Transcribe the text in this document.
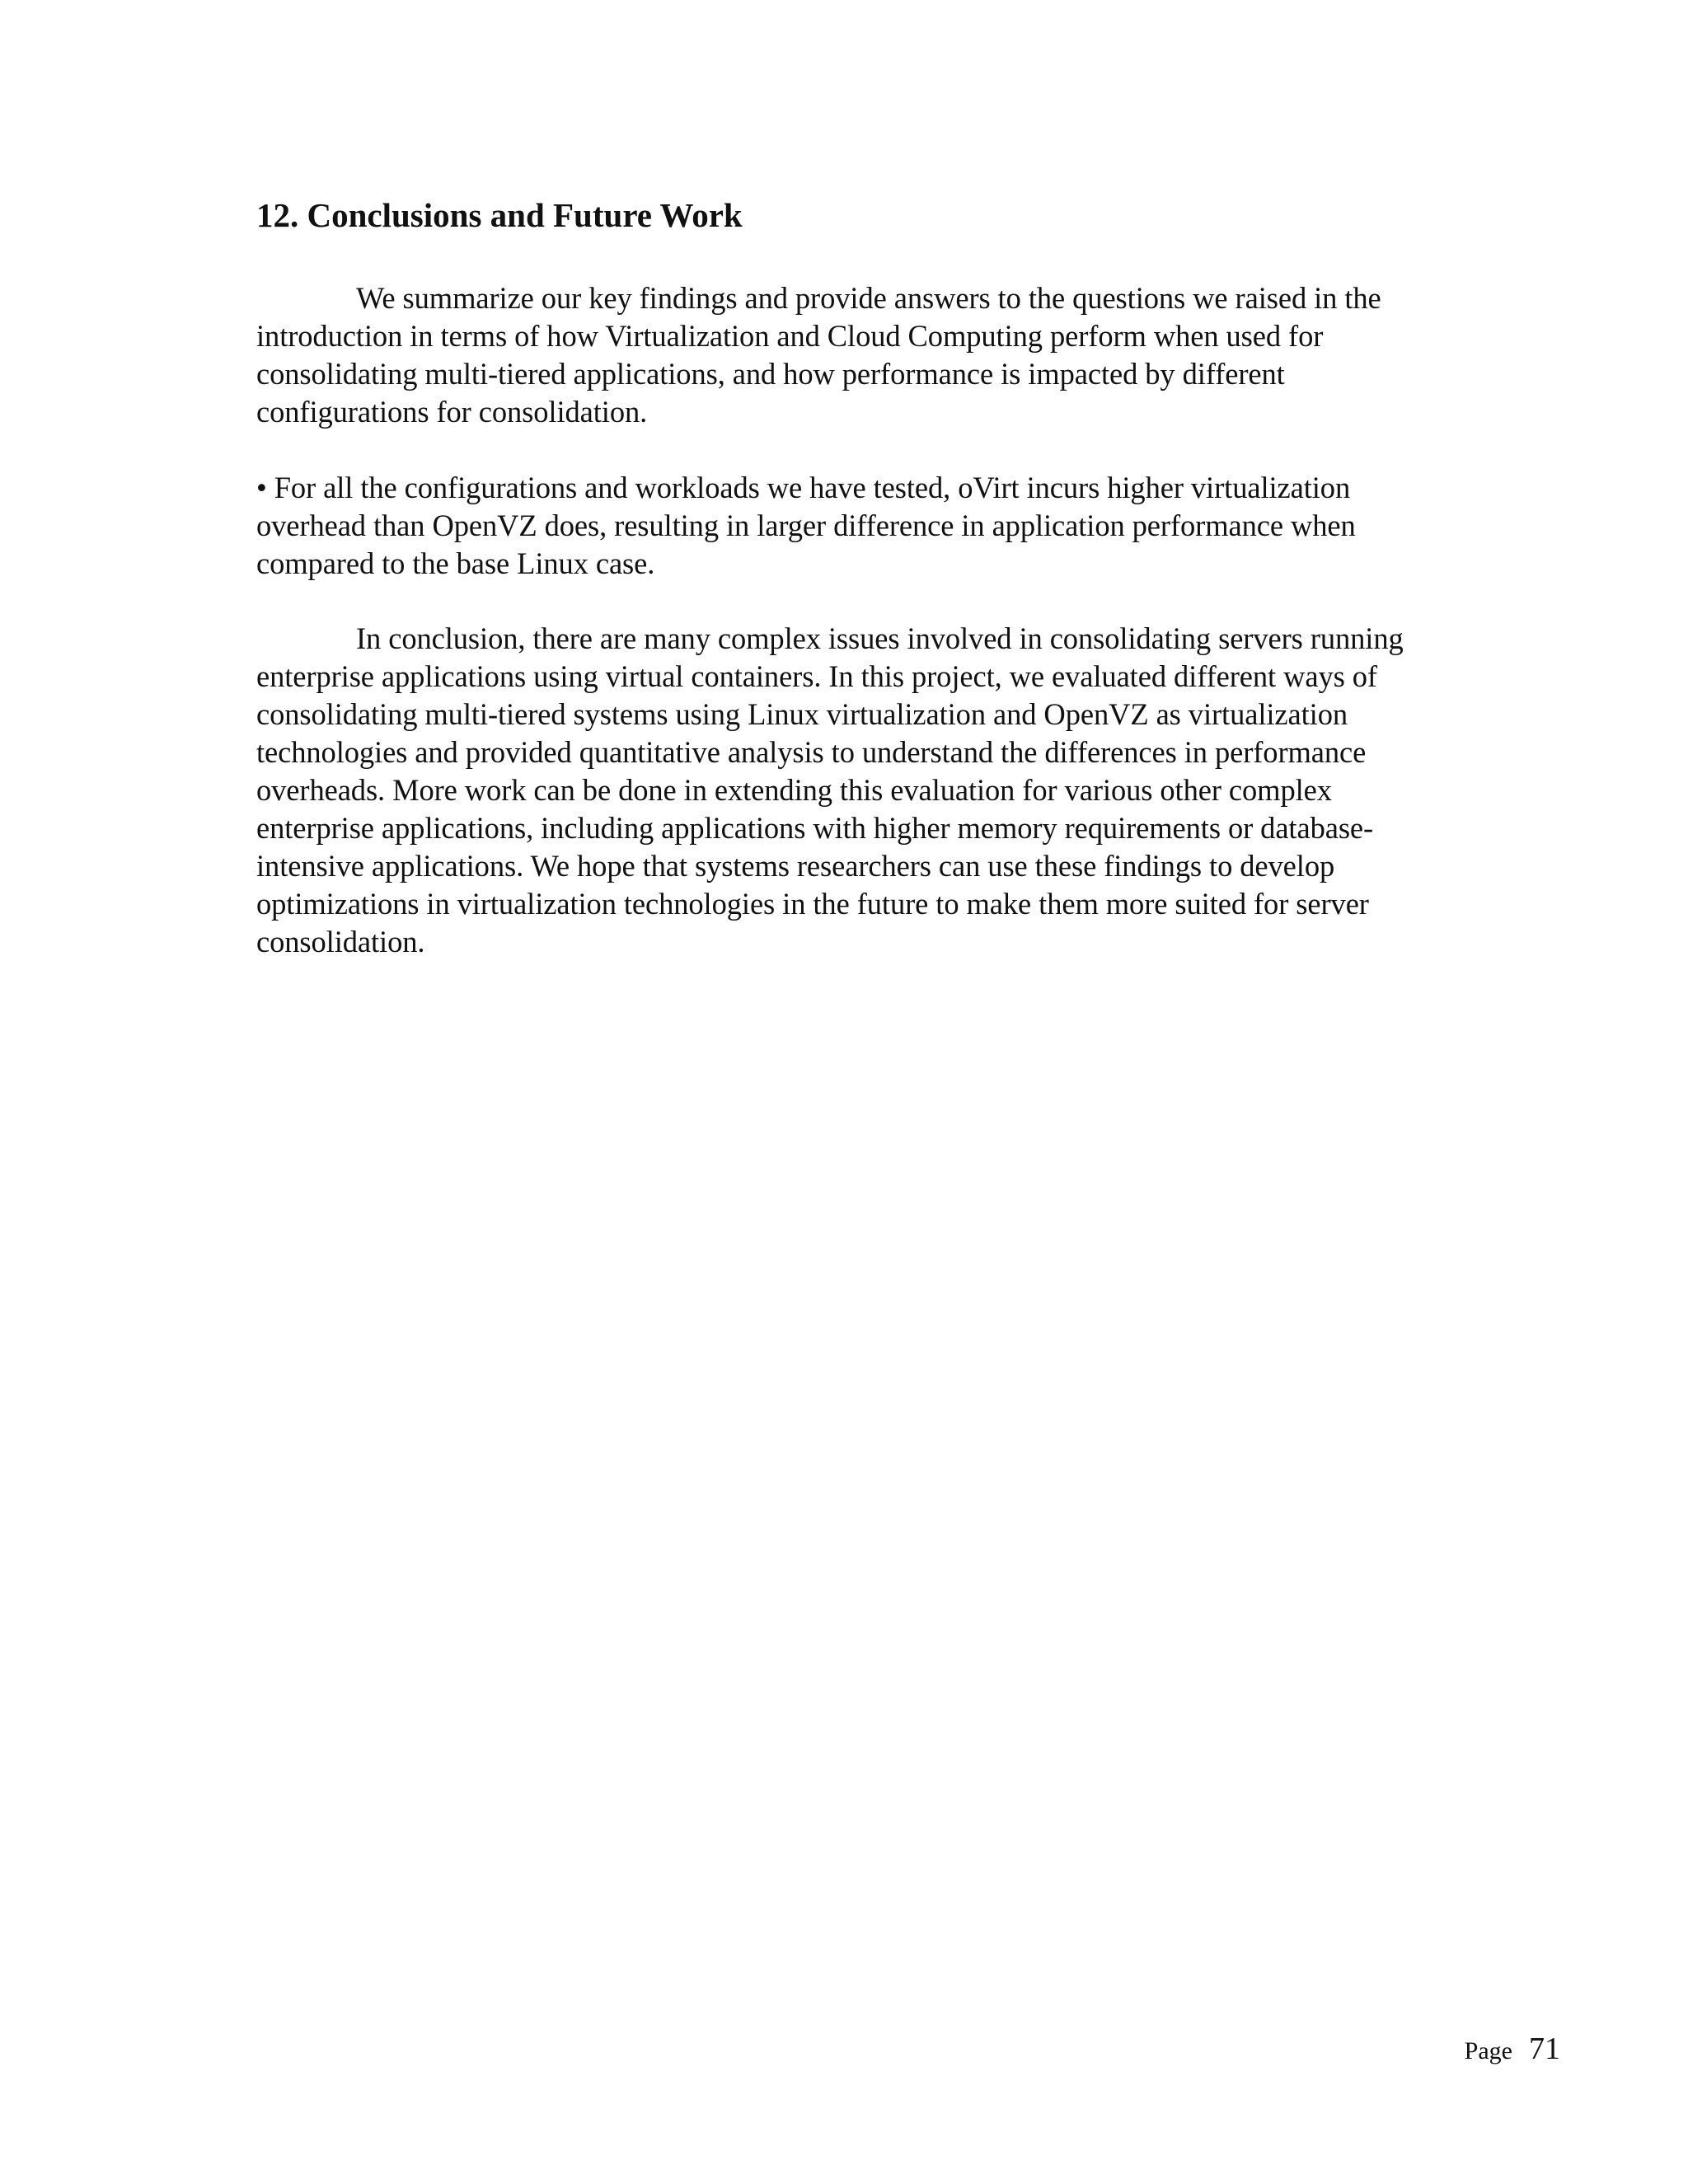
12. Conclusions and Future Work

We summarize our key findings and provide answers to the questions we raised in the
introduction in terms of how Virtualization and Cloud Computing perform when used for
consolidating multi-tiered applications, and how performance is impacted by different
configurations for consolidation.

• For all the configurations and workloads we have tested, oVirt incurs higher virtualization
overhead than OpenVZ does, resulting in larger difference in application performance when
compared to the base Linux case.

In conclusion, there are many complex issues involved in consolidating servers running
enterprise applications using virtual containers. In this project, we evaluated different ways of
consolidating multi-tiered systems using Linux virtualization and OpenVZ as virtualization
technologies and provided quantitative analysis to understand the differences in performance
overheads. More work can be done in extending this evaluation for various other complex
enterprise applications, including applications with higher memory requirements or database-
intensive applications. We hope that systems researchers can use these findings to develop
optimizations in virtualization technologies in the future to make them more suited for server
consolidation.

Page 71
